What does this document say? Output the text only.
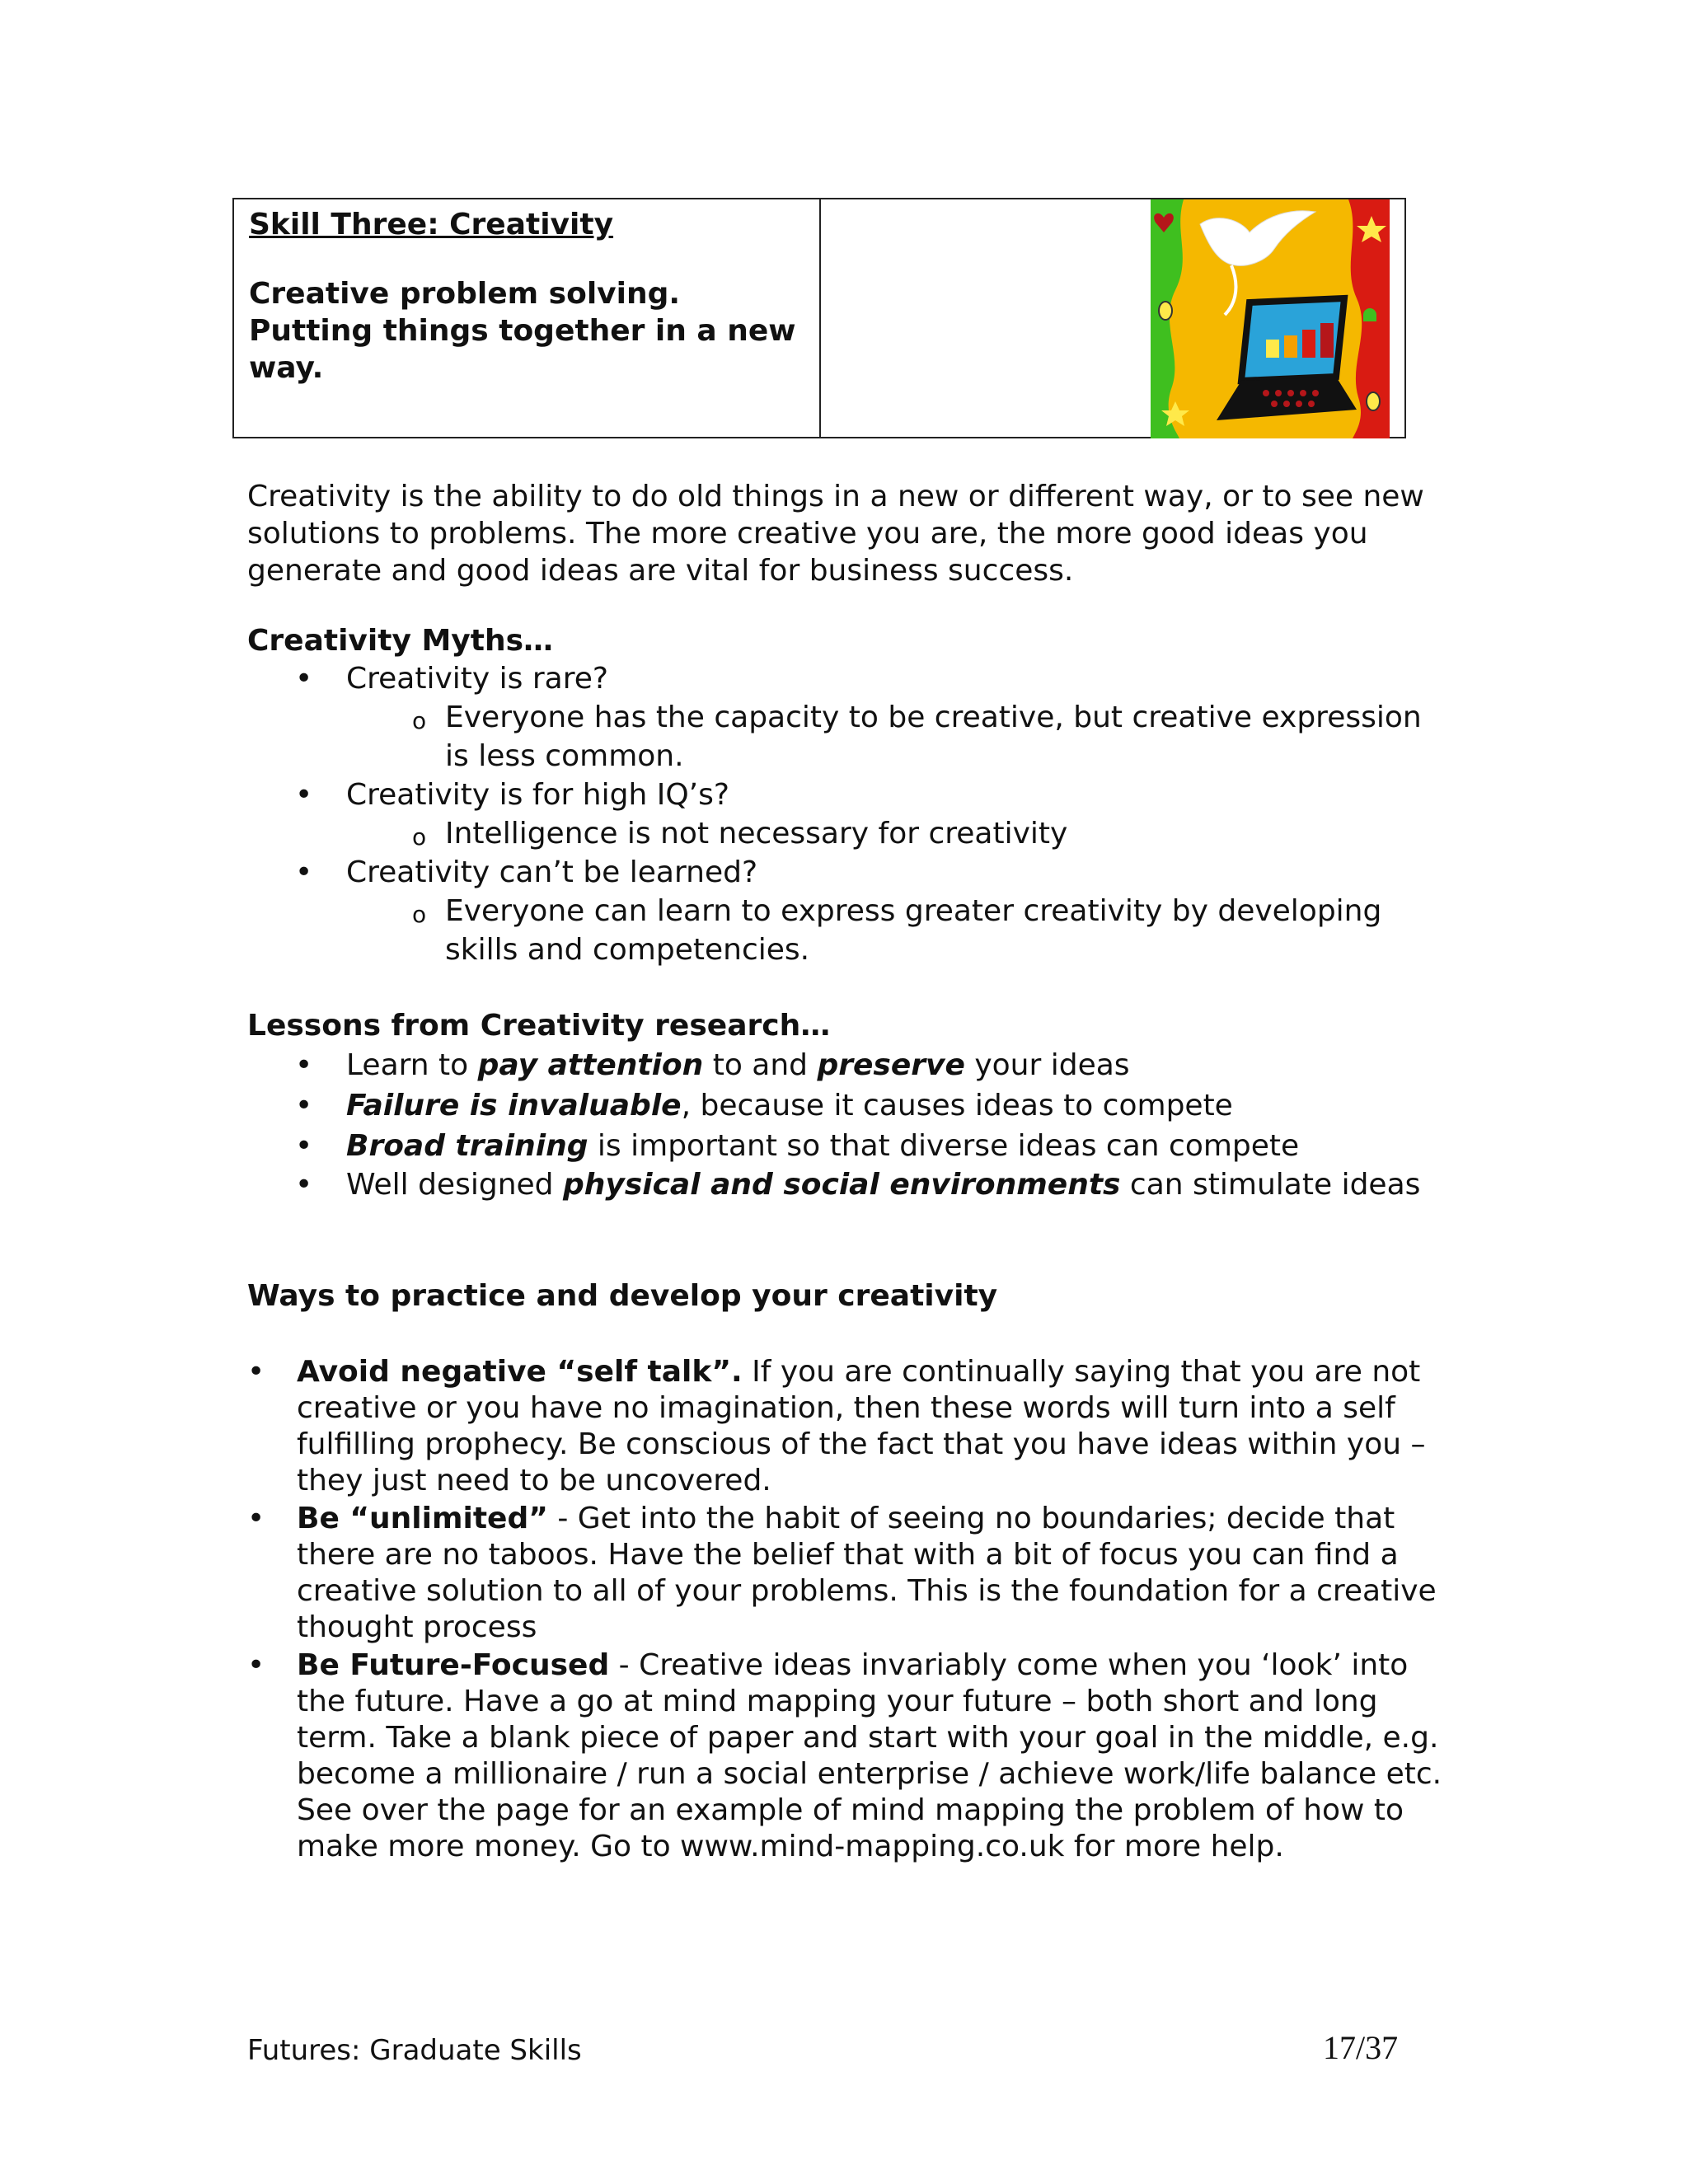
Skill Three: Creativity
Creative problem solving.
Putting things together in a new
way.
Creativity is the ability to do old things in a new or different way, or to see new solutions to problems. The more creative you are, the more good ideas you generate and good ideas are vital for business success.
Creativity Myths…
• Creativity is rare?
o Everyone has the capacity to be creative, but creative expression is less common.
• Creativity is for high IQ’s?
o Intelligence is not necessary for creativity
• Creativity can’t be learned?
o Everyone can learn to express greater creativity by developing skills and competencies.
Lessons from Creativity research…
• Learn to pay attention to and preserve your ideas
• Failure is invaluable, because it causes ideas to compete
• Broad training is important so that diverse ideas can compete
• Well designed physical and social environments can stimulate ideas
Ways to practice and develop your creativity
• Avoid negative “self talk”. If you are continually saying that you are not creative or you have no imagination, then these words will turn into a self fulfilling prophecy. Be conscious of the fact that you have ideas within you – they just need to be uncovered.
• Be “unlimited” - Get into the habit of seeing no boundaries; decide that there are no taboos. Have the belief that with a bit of focus you can find a creative solution to all of your problems. This is the foundation for a creative thought process
• Be Future-Focused - Creative ideas invariably come when you ‘look’ into the future. Have a go at mind mapping your future – both short and long term. Take a blank piece of paper and start with your goal in the middle, e.g. become a millionaire / run a social enterprise / achieve work/life balance etc. See over the page for an example of mind mapping the problem of how to make more money. Go to www.mind-mapping.co.uk for more help.
Futures: Graduate Skills	17/37
